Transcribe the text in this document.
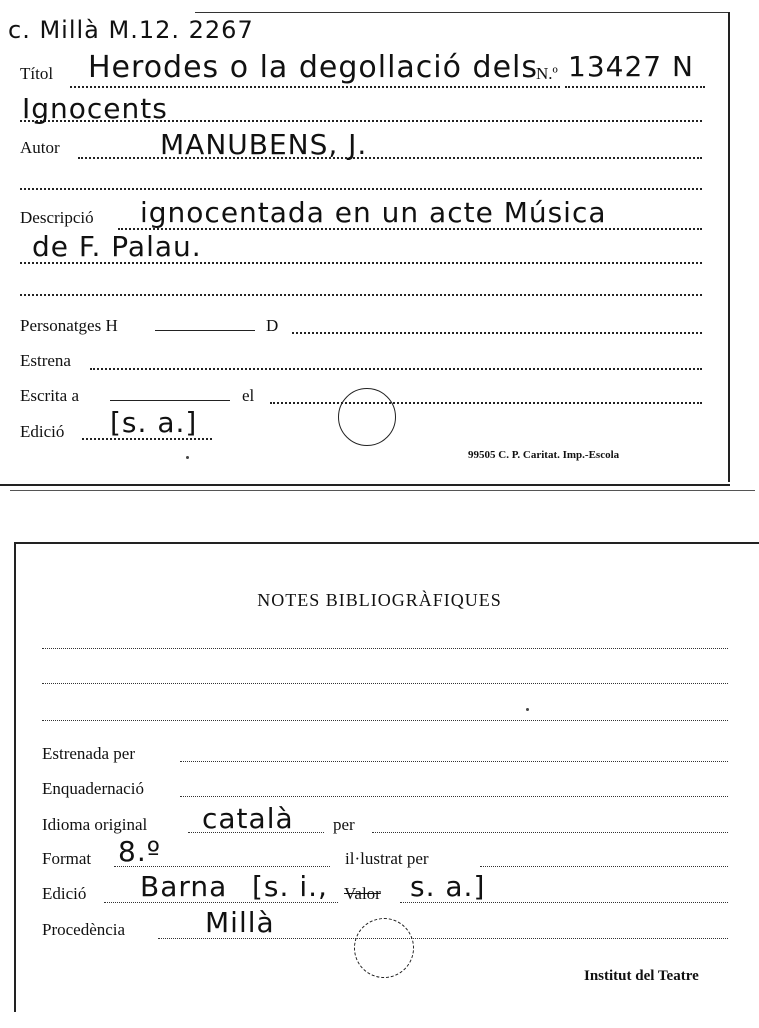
c. Millà M.12. 2267
Títol Herodes o la degollació dels
N.º 13427 N
Ignocents
Autor	MANUBENS, J.
Descripció ignocentada en un acte Música
de F. Palau.
Personatges H	D
Estrena
Escrita a	el
Edició [s. a.]
99505 C. P. Caritat. Imp.-Escola
NOTES BIBLIOGRÀFIQUES
Estrenada per
Enquadernació
Idioma original català per
Format 8.º	il·lustrat per
Edició Barna [s. i., Valor s. a.]
Procedència	Millà
Institut del Teatre
